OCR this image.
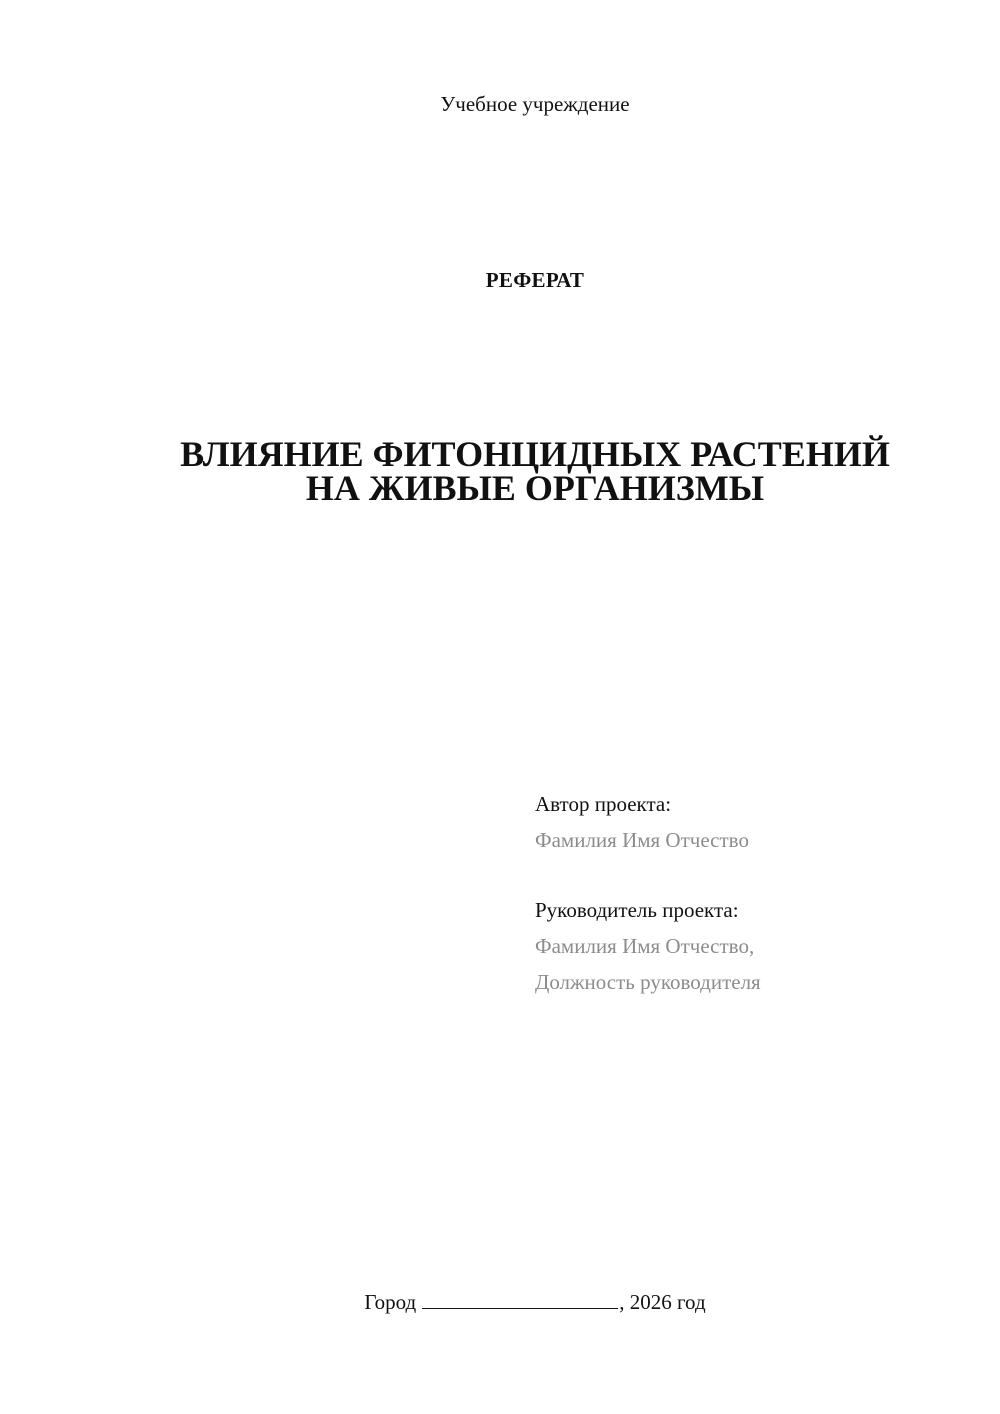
Учебное учреждение
РЕФЕРАТ
ВЛИЯНИЕ ФИТОНЦИДНЫХ РАСТЕНИЙ
НА ЖИВЫЕ ОРГАНИЗМЫ
Автор проекта:
Фамилия Имя Отчество
Руководитель проекта:
Фамилия Имя Отчество,
Должность руководителя
Город	, 2026 год
